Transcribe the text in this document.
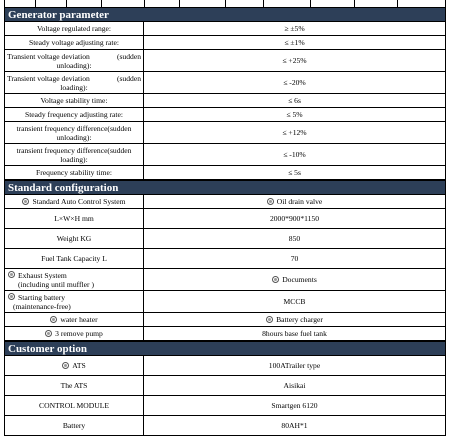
Generator parameter
Voltage regulated range:	≥ ±5%
Steady voltage adjusting rate:	≤ ±1%

Transient voltage deviation (sudden
unloading):	≤ +25%

Transient voltage deviation (sudden
loading):	≤ -20%
Voltage stability time:	≤ 6s
Steady frequency adjusting rate:	≤ 5%

transient frequency difference(sudden
unloading):	≤ +12%

transient frequency difference(sudden
loading):	≤ -10%
Frequency stability time:	≤ 5s
Standard configuration
Standard Auto Control System	Oil drain valve
L×W×H mm	2000*900*1150
Weight KG	850
Fuel Tank Capacity L	70

Exhaust System
(including until muffler )	Documents

Starting battery
(maintenance-free)	MCCB
water heater	Battery charger
3 remove pump	8hours base fuel tank
Customer option
ATS	100ATrailer type
The ATS	Aisikai
CONTROL MODULE	Smartgen 6120
Battery	80AH*1
